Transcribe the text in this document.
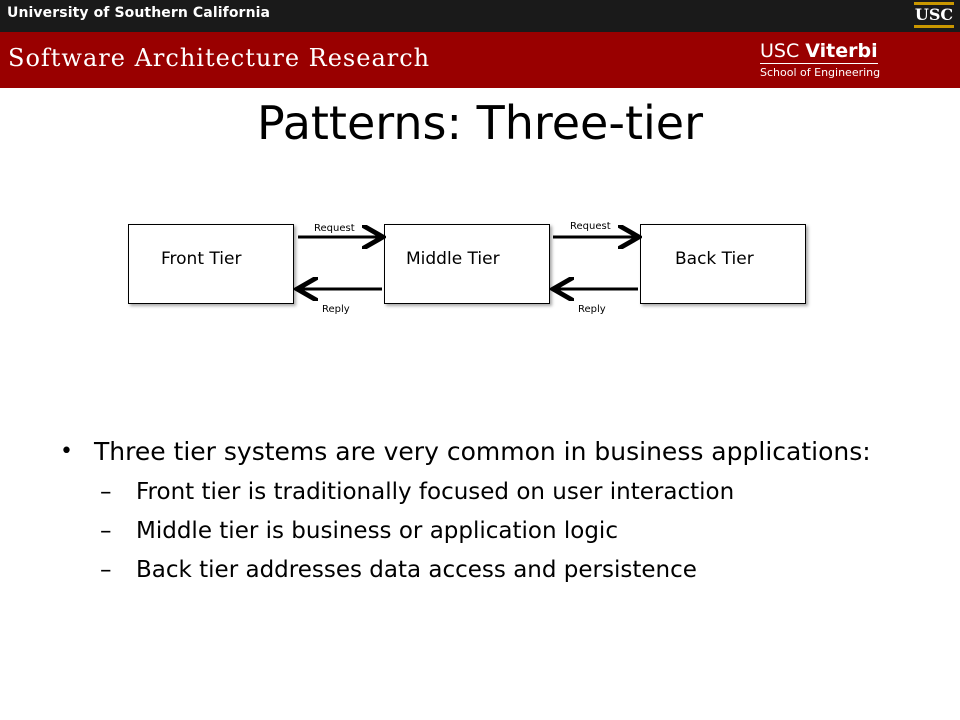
University of Southern California	USC
Software Architecture Research	USC Viterbi
School of Engineering
Patterns: Three-tier
Front Tier	Middle Tier	Back Tier
Request	Request
Reply	Reply
• Three tier systems are very common in business applications:
– Front tier is traditionally focused on user interaction
– Middle tier is business or application logic
– Back tier addresses data access and persistence
